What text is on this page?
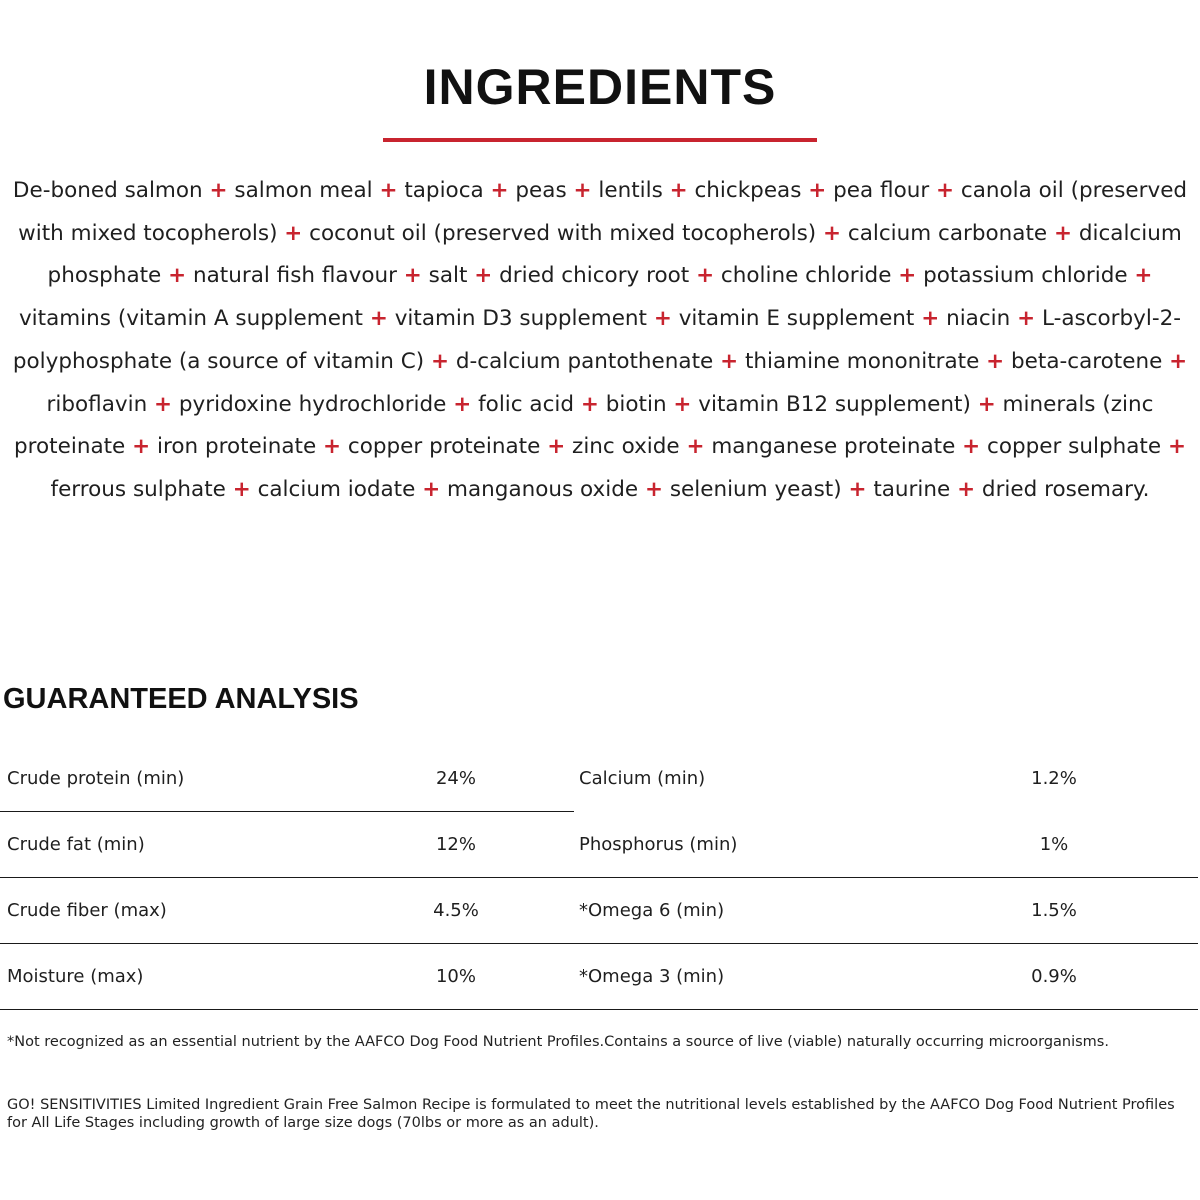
INGREDIENTS

De-boned salmon + salmon meal + tapioca + peas + lentils + chickpeas + pea flour + canola oil (preserved with mixed tocopherols) + coconut oil (preserved with mixed tocopherols) + calcium carbonate + dicalcium phosphate + natural fish flavour + salt + dried chicory root + choline chloride + potassium chloride + vitamins (vitamin A supplement + vitamin D3 supplement + vitamin E supplement + niacin + L-ascorbyl-2-polyphosphate (a source of vitamin C) + d-calcium pantothenate + thiamine mononitrate + beta-carotene + riboflavin + pyridoxine hydrochloride + folic acid + biotin + vitamin B12 supplement) + minerals (zinc proteinate + iron proteinate + copper proteinate + zinc oxide + manganese proteinate + copper sulphate + ferrous sulphate + calcium iodate + manganous oxide + selenium yeast) + taurine + dried rosemary.

GUARANTEED ANALYSIS
Crude protein (min)	24%	Calcium (min)	1.2%
Crude fat (min)	12%	Phosphorus (min)	1%
Crude fiber (max)	4.5%	*Omega 6 (min)	1.5%
Moisture (max)	10%	*Omega 3 (min)	0.9%

*Not recognized as an essential nutrient by the AAFCO Dog Food Nutrient Profiles.Contains a source of live (viable) naturally occurring microorganisms.

GO! SENSITIVITIES Limited Ingredient Grain Free Salmon Recipe is formulated to meet the nutritional levels established by the AAFCO Dog Food Nutrient Profiles for All Life Stages including growth of large size dogs (70lbs or more as an adult).
